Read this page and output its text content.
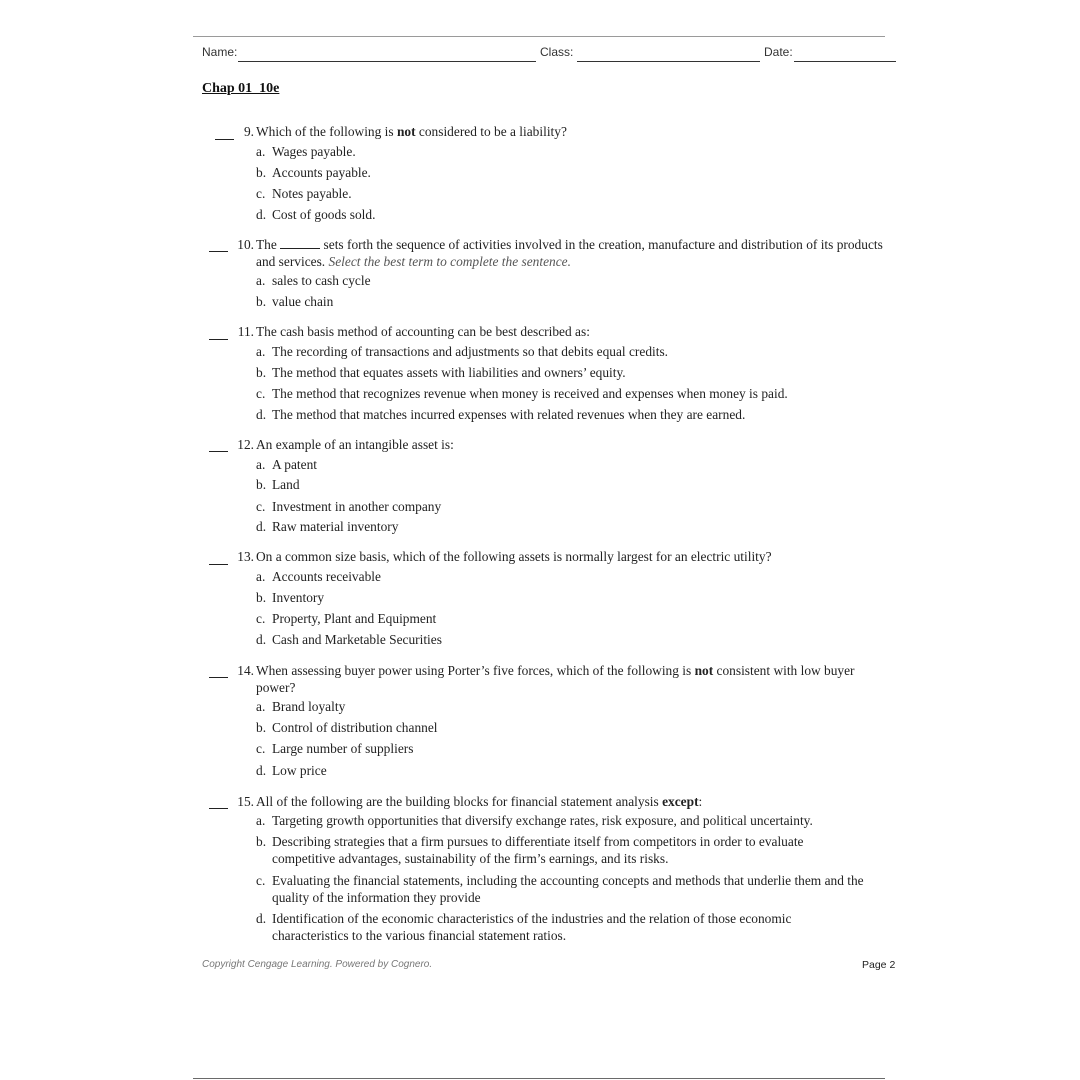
Name:	Class:	Date:
Chap 01_10e
9. Which of the following is not considered to be a liability?
a. Wages payable.
b. Accounts payable.
c. Notes payable.
d. Cost of goods sold.
10. The	sets forth the sequence of activities involved in the creation, manufacture and distribution of its products and services. Select the best term to complete the sentence.
a. sales to cash cycle
b. value chain
11. The cash basis method of accounting can be best described as:
a. The recording of transactions and adjustments so that debits equal credits.
b. The method that equates assets with liabilities and owners’ equity.
c. The method that recognizes revenue when money is received and expenses when money is paid.
d. The method that matches incurred expenses with related revenues when they are earned.
12. An example of an intangible asset is:
a. A patent
b. Land
c. Investment in another company
d. Raw material inventory
13. On a common size basis, which of the following assets is normally largest for an electric utility?
a. Accounts receivable
b. Inventory
c. Property, Plant and Equipment
d. Cash and Marketable Securities
14. When assessing buyer power using Porter’s five forces, which of the following is not consistent with low buyer power?
a. Brand loyalty
b. Control of distribution channel
c. Large number of suppliers
d. Low price
15. All of the following are the building blocks for financial statement analysis except:
a. Targeting growth opportunities that diversify exchange rates, risk exposure, and political uncertainty.
b. Describing strategies that a firm pursues to differentiate itself from competitors in order to evaluate competitive advantages, sustainability of the firm’s earnings, and its risks.
c. Evaluating the financial statements, including the accounting concepts and methods that underlie them and the quality of the information they provide
d. Identification of the economic characteristics of the industries and the relation of those economic characteristics to the various financial statement ratios.
Copyright Cengage Learning. Powered by Cognero.	Page 2
